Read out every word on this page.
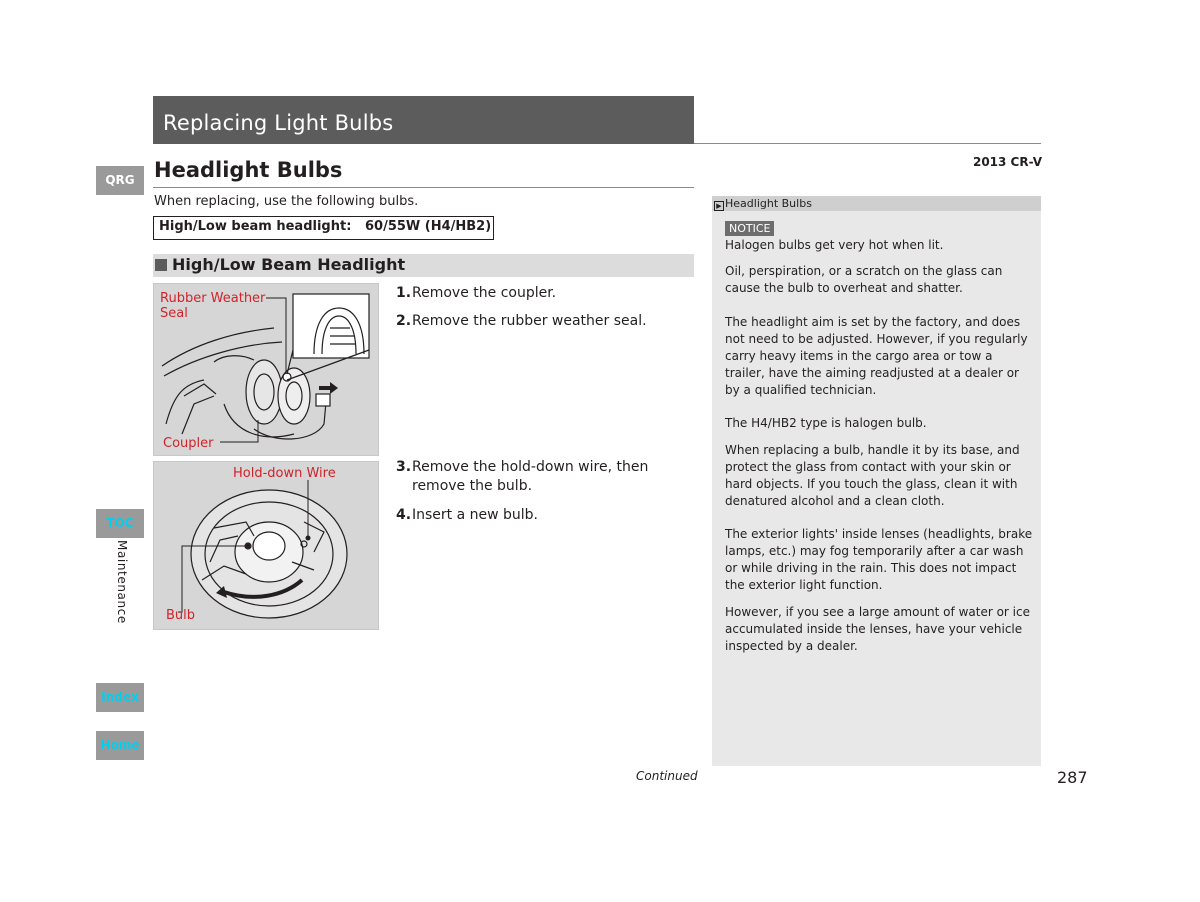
Replacing Light Bulbs
2013 CR-V
QRG
TOC
Maintenance
Index
Home
Headlight Bulbs
When replacing, use the following bulbs.
High/Low beam headlight:   60/55W (H4/HB2)
High/Low Beam Headlight
Rubber Weather
Seal
Coupler
Hold-down Wire
Bulb
1.Remove the coupler.
2.Remove the rubber weather seal.
3.Remove the hold-down wire, then remove the bulb.
4.Insert a new bulb.
▶ Headlight Bulbs
NOTICE
Halogen bulbs get very hot when lit.
Oil, perspiration, or a scratch on the glass can cause the bulb to overheat and shatter.
The headlight aim is set by the factory, and does not need to be adjusted. However, if you regularly carry heavy items in the cargo area or tow a trailer, have the aiming readjusted at a dealer or by a qualified technician.
The H4/HB2 type is halogen bulb.
When replacing a bulb, handle it by its base, and protect the glass from contact with your skin or hard objects. If you touch the glass, clean it with denatured alcohol and a clean cloth.
The exterior lights' inside lenses (headlights, brake lamps, etc.) may fog temporarily after a car wash or while driving in the rain. This does not impact the exterior light function.
However, if you see a large amount of water or ice accumulated inside the lenses, have your vehicle inspected by a dealer.
Continued	287
